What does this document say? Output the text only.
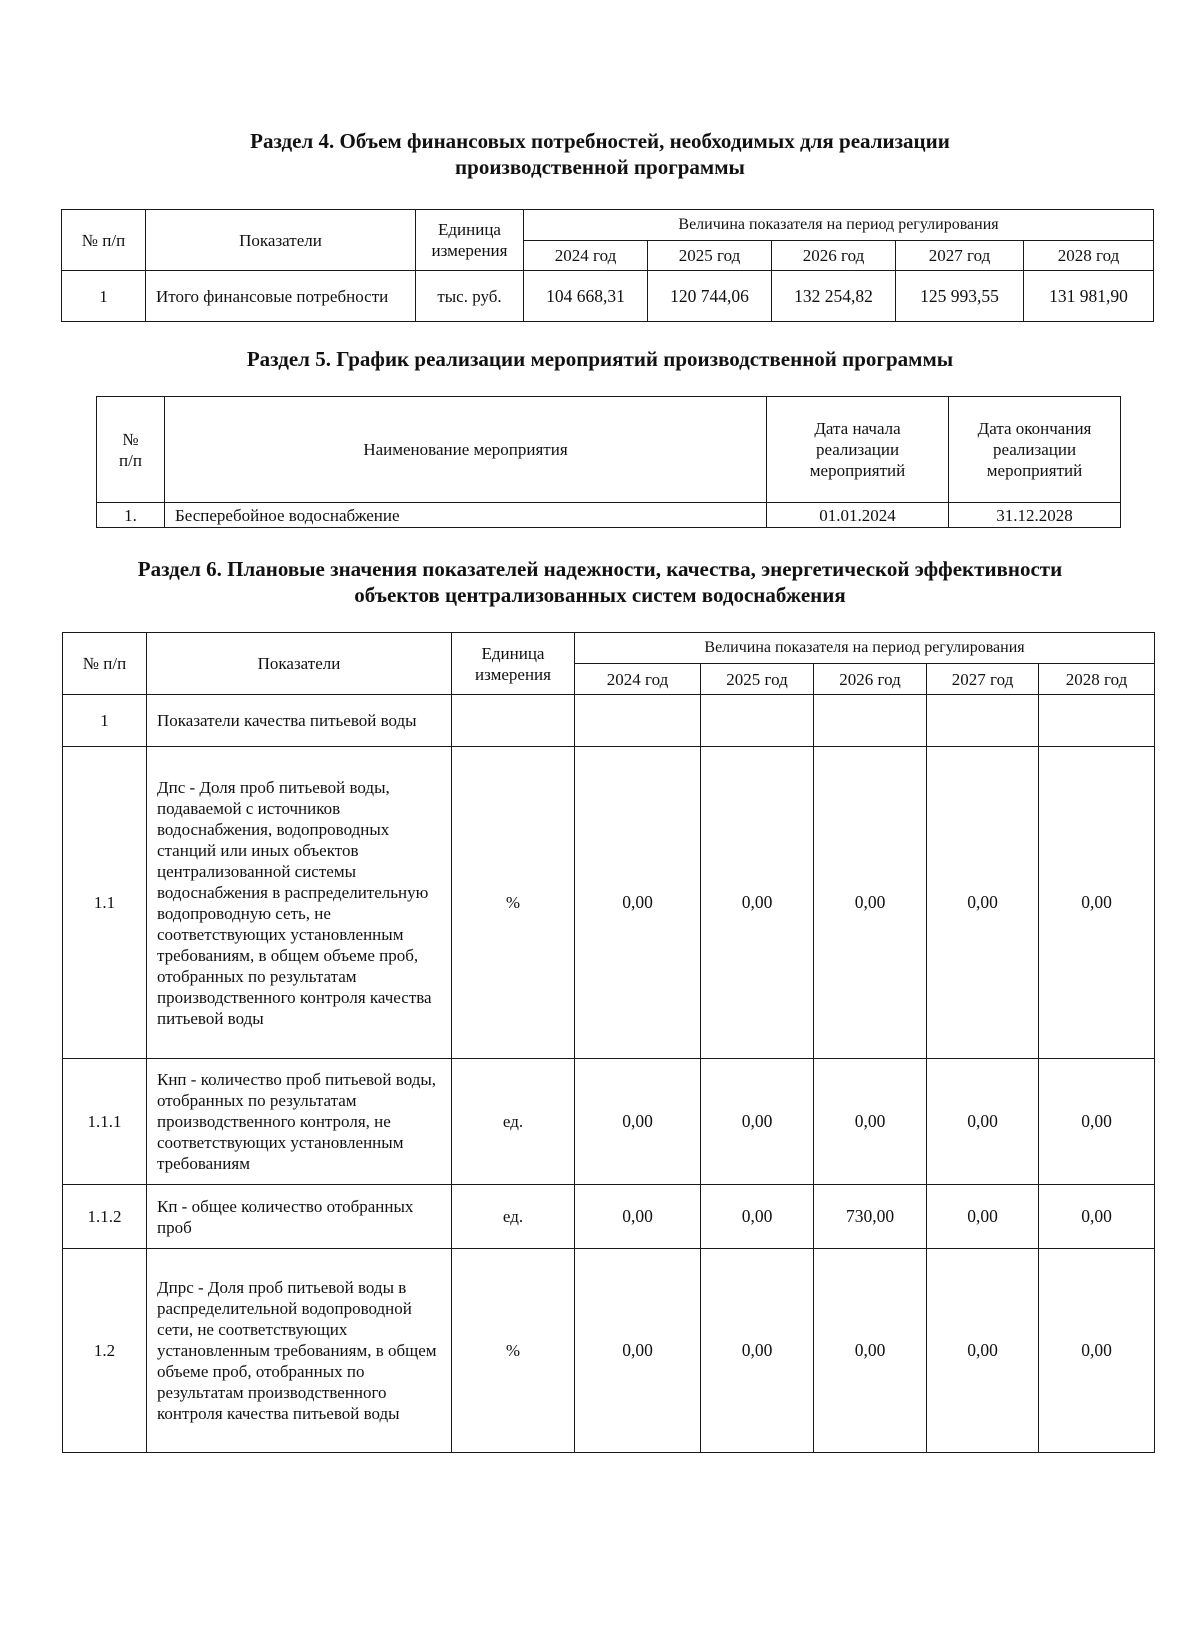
Раздел 4. Объем финансовых потребностей, необходимых для реализации
производственной программы
№ п/п	Показатели	Единица
измерения	Величина показателя на период регулирования				
			2024 год	2025 год	2026 год	2027 год	2028 год
1	Итого финансовые потребности	тыс. руб.	104 668,31	120 744,06	132 254,82	125 993,55	131 981,90
Раздел 5. График реализации мероприятий производственной программы
№ п/п	Наименование мероприятия	Дата начала реализации мероприятий	Дата окончания реализации мероприятий
1.	Бесперебойное водоснабжение	01.01.2024	31.12.2028
Раздел 6. Плановые значения показателей надежности, качества, энергетической эффективности
объектов централизованных систем водоснабжения
№ п/п	Показатели	Единица
измерения	Величина показателя на период регулирования				
			2024 год	2025 год	2026 год	2027 год	2028 год
1	Показатели качества питьевой воды						
1.1	Дпс - Доля проб питьевой воды, подаваемой с источников водоснабжения, водопроводных станций или иных объектов централизованной системы водоснабжения в распределительную водопроводную сеть, не соответствующих установленным требованиям, в общем объеме проб, отобранных по результатам производственного контроля качества питьевой воды	%	0,00	0,00	0,00	0,00	0,00
1.1.1	Кнп - количество проб питьевой воды, отобранных по результатам производственного контроля, не соответствующих установленным требованиям	ед.	0,00	0,00	0,00	0,00	0,00
1.1.2	Кп - общее количество отобранных проб	ед.	0,00	0,00	730,00	0,00	0,00
1.2	Дпрс - Доля проб питьевой воды в распределительной водопроводной сети, не соответствующих установленным требованиям, в общем объеме проб, отобранных по результатам производственного контроля качества питьевой воды	%	0,00	0,00	0,00	0,00	0,00
